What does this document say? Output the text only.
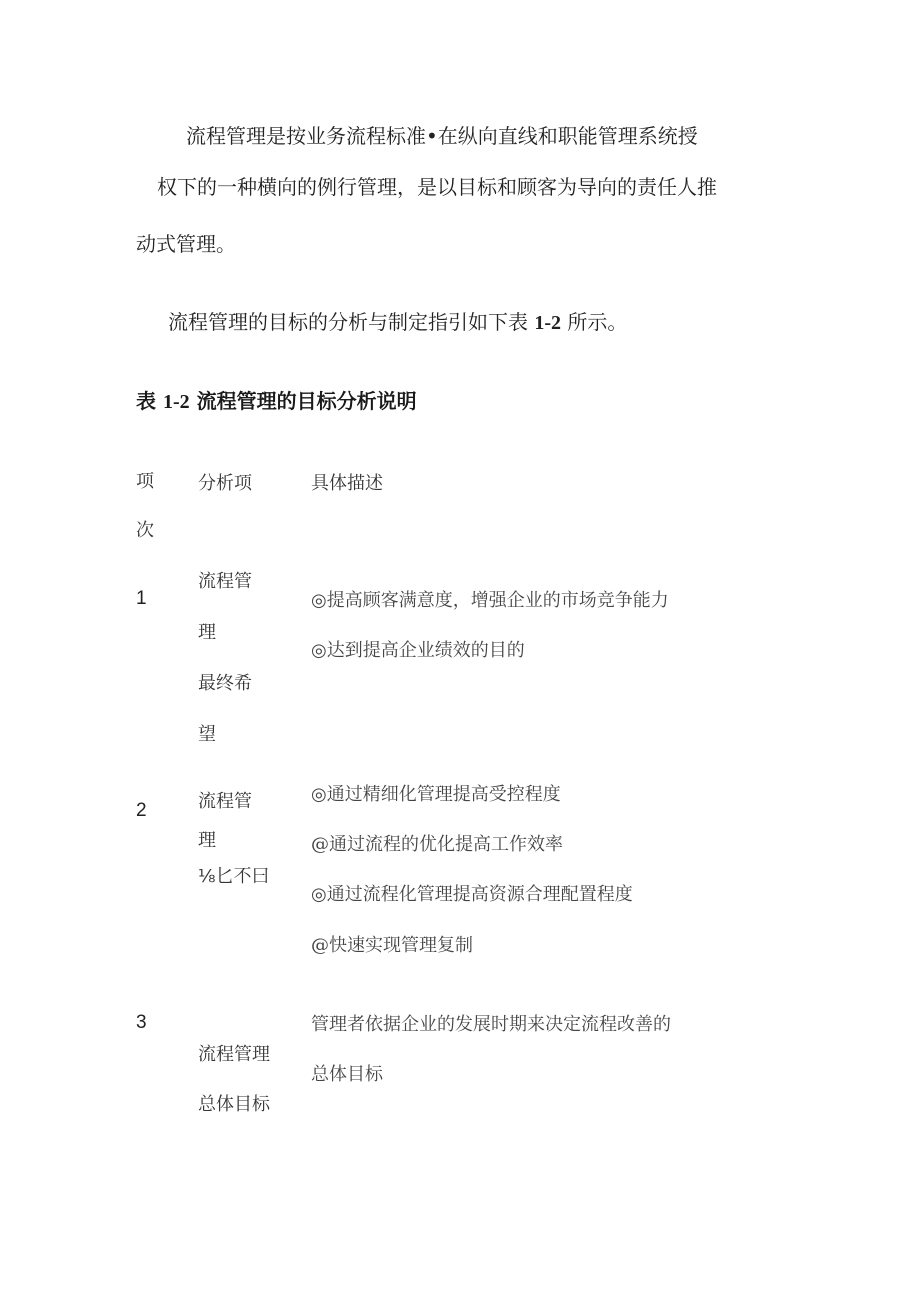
流程管理是按业务流程标准•在纵向直线和职能管理系统授
权下的一种横向的例行管理，是以目标和顾客为导向的责任人推
动式管理。
流程管理的目标的分析与制定指引如下表 1-2 所示。
表 1-2 流程管理的目标分析说明
项
次
分析项	具体描述
1
流程管
理
最终希
望
◎提高顾客满意度，增强企业的市场竞争能力
◎达到提高企业绩效的目的
2	流程管
理
⅛匕不曰
◎通过精细化管理提高受控程度
@通过流程的优化提高工作效率
◎通过流程化管理提高资源合理配置程度
@快速实现管理复制
3
流程管理
总体目标
管理者依据企业的发展时期来决定流程改善的
总体目标
